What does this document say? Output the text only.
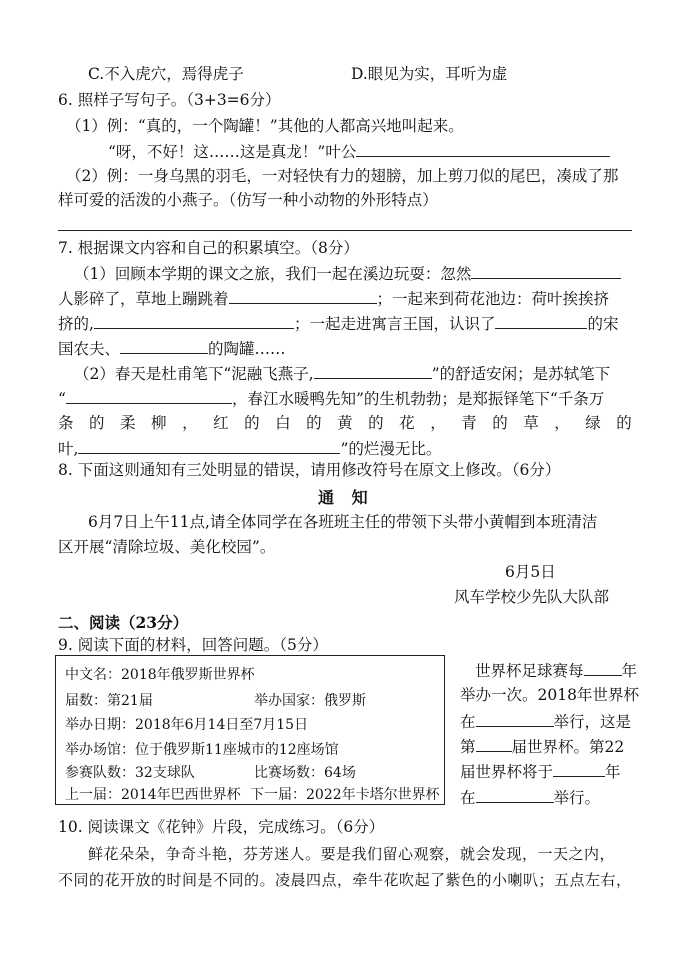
C.不入虎穴，焉得虎子	D.眼见为实，耳听为虚
6. 照样子写句子。（3+3=6分）
（1）例：“真的，一个陶罐！”其他的人都高兴地叫起来。
“呀，不好！这……这是真龙！”叶公
（2）例：一身乌黑的羽毛，一对轻快有力的翅膀，加上剪刀似的尾巴，凑成了那
样可爱的活泼的小燕子。（仿写一种小动物的外形特点）
7. 根据课文内容和自己的积累填空。（8分）
（1）回顾本学期的课文之旅，我们一起在溪边玩耍：忽然
人影碎了，草地上蹦跳着	；一起来到荷花池边：荷叶挨挨挤
挤的,	；一起走进寓言王国，认识了	的宋
国农夫、	的陶罐……
（2）春天是杜甫笔下“泥融飞燕子,	”的舒适安闲；是苏轼笔下
“	，春江水暖鸭先知”的生机勃勃；是郑振铎笔下“千条万
条 的 柔 柳 ， 红 的 白 的 黄 的 花 ， 青 的 草 ， 绿 的
叶,	”的烂漫无比。
8. 下面这则通知有三处明显的错误，请用修改符号在原文上修改。（6分）
通 知
6月7日上午11点,请全体同学在各班班主任的带领下头带小黄帽到本班清洁
区开展“清除垃圾、美化校园”。
6月5日
风车学校少先队大队部
二、阅读（23分）
9. 阅读下面的材料，回答问题。（5分）
中文名：2018年俄罗斯世界杯
届数：第21届	举办国家：俄罗斯
举办日期：2018年6月14日至7月15日
举办场馆：位于俄罗斯11座城市的12座场馆
参赛队数：32支球队	比赛场数：64场
上一届：2014年巴西世界杯 下一届：2022年卡塔尔世界杯
世界杯足球赛每 年
举办一次。2018年世界杯
在	举行，这是
第 届世界杯。第22
届世界杯将于	年
在	举行。
10. 阅读课文《花钟》片段，完成练习。（6分）
鲜花朵朵，争奇斗艳，芬芳迷人。要是我们留心观察，就会发现，一天之内，
不同的花开放的时间是不同的。凌晨四点，牵牛花吹起了紫色的小喇叭；五点左右，
